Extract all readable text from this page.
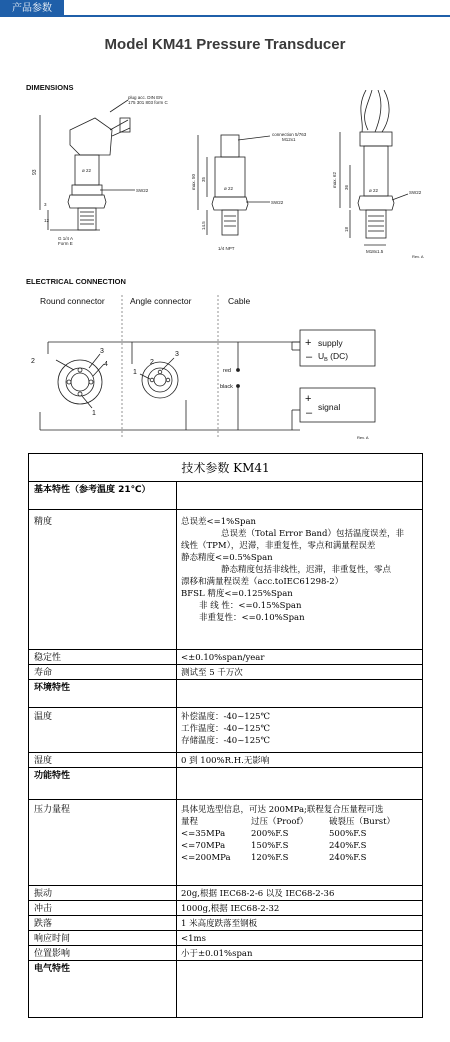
产品参数
Model KM41 Pressure Transducer
DIMENSIONS
plug acc. DIN EN
175 301 803 form C
93	ø 22
SW22
12
3
G 1/4 A
Form E
connection 5/763
M12x1
max. 50 35
ø 22
SW22
14.5
1/4 NPT
max. 62 36
ø 22	SW22
18
M18x1.5
Rev. A
ELECTRICAL CONNECTION
Round connector	Angle connector	Cable
2
3
4
1
1
3
2
red
black
+
–
supply
$U_B$ (DC)
+
– signal
Rev. A
技术参数 KM41
基本特性（参考温度 21℃）
精度	总误差<=1%Span
总误差（Total Error Band）包括温度误差，非
线性（TPM），迟滞，非重复性，零点和满量程误差
静态精度<=0.5%Span
静态精度包括非线性，迟滞，非重复性，零点
漂移和满量程误差（acc.toIEC61298-2）
BFSL 精度<=0.125%Span
非 线 性：<=0.15%Span
非重复性：<=0.10%Span
稳定性	<±0.10%span/year
寿命	测试至 5 千万次
环境特性
温度	补偿温度：-40~125℃
工作温度：-40~125℃
存储温度：-40~125℃
湿度	0 到 100%R.H.无影响
功能特性
压力量程	具体见选型信息，可达 200MPa;联程复合压量程可选
量程	过压（Proof）	破裂压（Burst）
<=35MPa	200%F.S	500%F.S
<=70MPa	150%F.S	240%F.S
<=200MPa	120%F.S	240%F.S
振动	20g,根据 IEC68-2-6 以及 IEC68-2-36
冲击	1000g,根据 IEC68-2-32
跌落	1 米高度跌落至钢板
响应时间	<1ms
位置影响	小于±0.01%span
电气特性
